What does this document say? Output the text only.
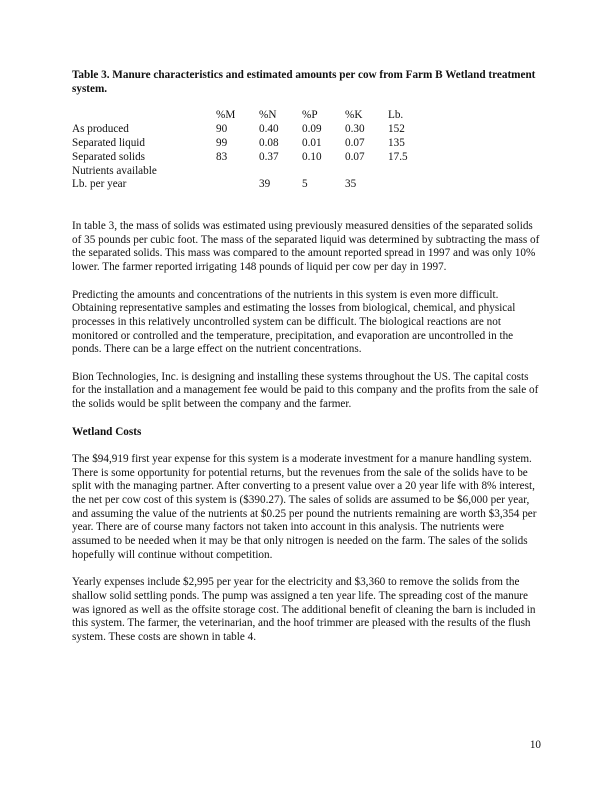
Table 3. Manure characteristics and estimated amounts per cow from Farm B Wetland treatment system.

	%M	%N	%P	%K	Lb.
As produced	90	0.40	0.09	0.30	152
Separated liquid	99	0.08	0.01	0.07	135
Separated solids	83	0.37	0.10	0.07	17.5
Nutrients available					
Lb. per year		39	5	35	

In table 3, the mass of solids was estimated using previously measured densities of the separated solids of 35 pounds per cubic foot. The mass of the separated liquid was determined by subtracting the mass of the separated solids. This mass was compared to the amount reported spread in 1997 and was only 10% lower. The farmer reported irrigating 148 pounds of liquid per cow per day in 1997.

Predicting the amounts and concentrations of the nutrients in this system is even more difficult. Obtaining representative samples and estimating the losses from biological, chemical, and physical processes in this relatively uncontrolled system can be difficult. The biological reactions are not monitored or controlled and the temperature, precipitation, and evaporation are uncontrolled in the ponds. There can be a large effect on the nutrient concentrations.

Bion Technologies, Inc. is designing and installing these systems throughout the US. The capital costs for the installation and a management fee would be paid to this company and the profits from the sale of the solids would be split between the company and the farmer.

Wetland Costs

The $94,919 first year expense for this system is a moderate investment for a manure handling system. There is some opportunity for potential returns, but the revenues from the sale of the solids have to be split with the managing partner. After converting to a present value over a 20 year life with 8% interest, the net per cow cost of this system is ($390.27). The sales of solids are assumed to be $6,000 per year, and assuming the value of the nutrients at $0.25 per pound the nutrients remaining are worth $3,354 per year. There are of course many factors not taken into account in this analysis. The nutrients were assumed to be needed when it may be that only nitrogen is needed on the farm. The sales of the solids hopefully will continue without competition.

Yearly expenses include $2,995 per year for the electricity and $3,360 to remove the solids from the shallow solid settling ponds. The pump was assigned a ten year life. The spreading cost of the manure was ignored as well as the offsite storage cost. The additional benefit of cleaning the barn is included in this system. The farmer, the veterinarian, and the hoof trimmer are pleased with the results of the flush system. These costs are shown in table 4.

10
